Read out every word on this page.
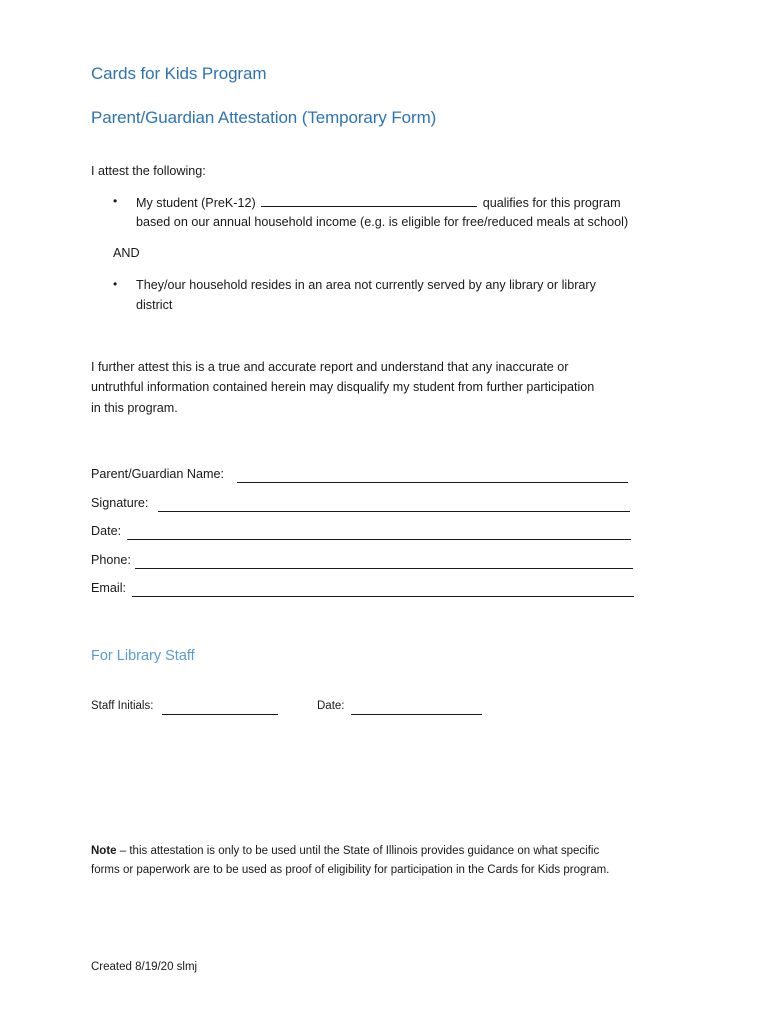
Cards for Kids Program
Parent/Guardian Attestation (Temporary Form)
I attest the following:
• My student (PreK-12)	qualifies for this program
based on our annual household income (e.g. is eligible for free/reduced meals at school)
AND
• They/our household resides in an area not currently served by any library or library
district
I further attest this is a true and accurate report and understand that any inaccurate or
untruthful information contained herein may disqualify my student from further participation
in this program.
Parent/Guardian Name:
Signature:
Date:
Phone:
Email:
For Library Staff
Staff Initials:	Date:
Note – this attestation is only to be used until the State of Illinois provides guidance on what specific
forms or paperwork are to be used as proof of eligibility for participation in the Cards for Kids program.
Created 8/19/20 slmj
